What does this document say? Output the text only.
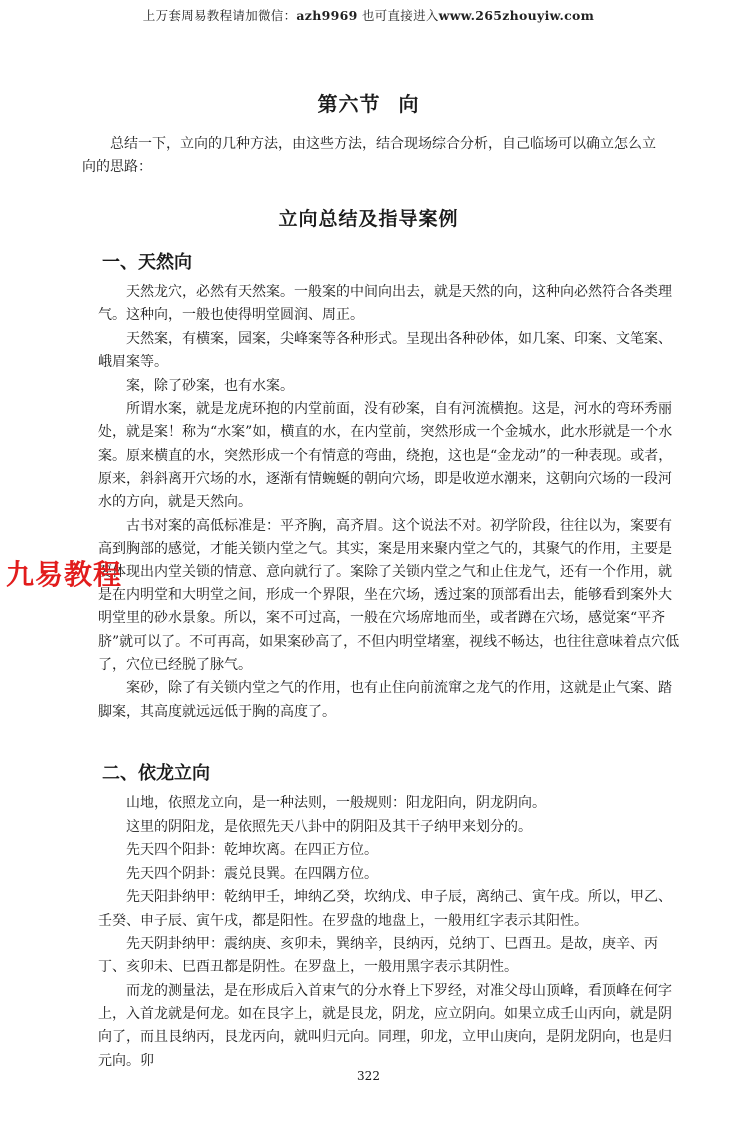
上万套周易教程请加微信：azh9969 也可直接进入www.265zhouyiw.com
第六节 向
总结一下，立向的几种方法，由这些方法，结合现场综合分析，自己临场可以确立怎么立向的思路：
立向总结及指导案例
一、天然向

天然龙穴，必然有天然案。一般案的中间向出去，就是天然的向，这种向必然符合各类理气。这种向，一般也使得明堂圆润、周正。

天然案，有横案，园案，尖峰案等各种形式。呈现出各种砂体，如几案、印案、文笔案、峨眉案等。

案，除了砂案，也有水案。

所谓水案，就是龙虎环抱的内堂前面，没有砂案，自有河流横抱。这是，河水的弯环秀丽处，就是案！称为“水案”如，横直的水，在内堂前，突然形成一个金城水，此水形就是一个水案。原来横直的水，突然形成一个有情意的弯曲，绕抱，这也是“金龙动”的一种表现。或者，原来，斜斜离开穴场的水，逐渐有情蜿蜒的朝向穴场，即是收逆水潮来，这朝向穴场的一段河水的方向，就是天然向。

古书对案的高低标准是：平齐胸，高齐眉。这个说法不对。初学阶段，往往以为，案要有高到胸部的感觉，才能关锁内堂之气。其实，案是用来聚内堂之气的，其聚气的作用，主要是要体现出内堂关锁的情意、意向就行了。案除了关锁内堂之气和止住龙气，还有一个作用，就是在内明堂和大明堂之间，形成一个界限，坐在穴场，透过案的顶部看出去，能够看到案外大明堂里的砂水景象。所以，案不可过高，一般在穴场席地而坐，或者蹲在穴场，感觉案“平齐脐”就可以了。不可再高，如果案砂高了，不但内明堂堵塞，视线不畅达，也往往意味着点穴低了，穴位已经脱了脉气。

案砂，除了有关锁内堂之气的作用，也有止住向前流窜之龙气的作用，这就是止气案、踏脚案，其高度就远远低于胸的高度了。

二、依龙立向

山地，依照龙立向，是一种法则，一般规则：阳龙阳向，阴龙阴向。

这里的阴阳龙，是依照先天八卦中的阴阳及其干子纳甲来划分的。

先天四个阳卦：乾坤坎离。在四正方位。

先天四个阴卦：震兑艮巽。在四隅方位。

先天阳卦纳甲：乾纳甲壬，坤纳乙癸，坎纳戊、申子辰，离纳己、寅午戌。所以，甲乙、壬癸、申子辰、寅午戌，都是阳性。在罗盘的地盘上，一般用红字表示其阳性。

先天阴卦纳甲：震纳庚、亥卯未，巽纳辛，艮纳丙，兑纳丁、巳酉丑。是故，庚辛、丙丁、亥卯未、巳酉丑都是阴性。在罗盘上，一般用黑字表示其阴性。

而龙的测量法，是在形成后入首束气的分水脊上下罗经，对准父母山顶峰，看顶峰在何字上，入首龙就是何龙。如在艮字上，就是艮龙，阴龙，应立阴向。如果立成壬山丙向，就是阴向了，而且艮纳丙，艮龙丙向，就叫归元向。同理，卯龙，立甲山庚向，是阴龙阴向，也是归元向。卯

九易教程
322
